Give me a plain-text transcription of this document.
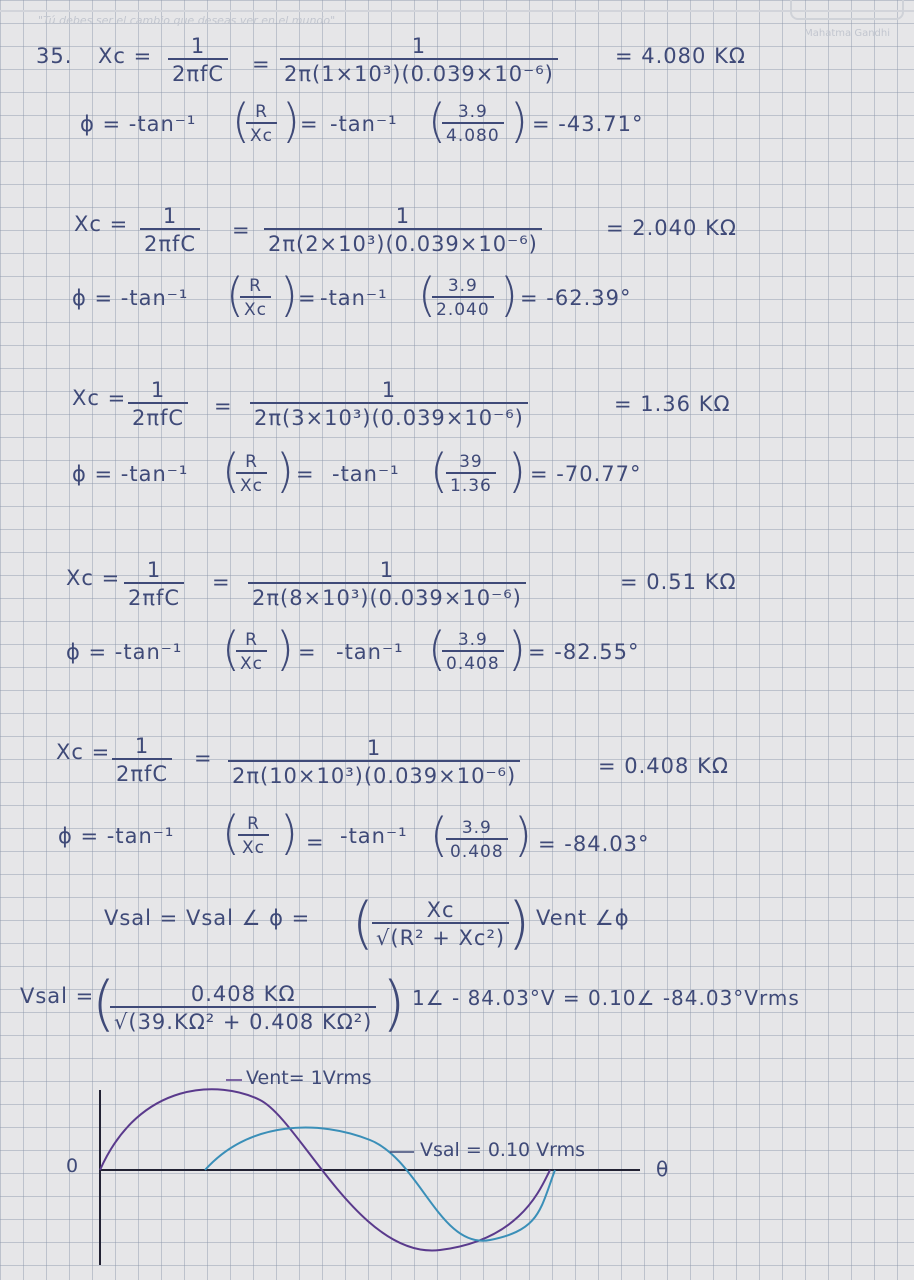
"Tú debes ser el cambio que deseas ver en el mundo"
Mahatma Gandhi
35. Xc = 1
$2\pi fC = \frac{1}{\text{2π(1×10³)(0.039×10⁻⁶)}}$	= 4.080 KΩ
ϕ = -tan⁻¹ (
$\frac{R}{Xc}$ ) = -tan⁻¹ (
$\frac{3.9}{4.080}$ ) = -43.71°
Xc = 1
2πfC
= $\frac{1}{\text{2π(2×10³)(0.039×10⁻⁶)}}$	= 2.040 KΩ
ϕ = -tan⁻¹ (
$\frac{R}{Xc}$ ) = -tan⁻¹ (
$\frac{3.9}{2.040}$ ) = -62.39°
Xc = 1
$2\pi fC = \frac{1}{\text{2π(3×10³)(0.039×10⁻⁶)}}$	= 1.36 KΩ
ϕ = -tan⁻¹ (
$\frac{R}{Xc}$ ) = -tan⁻¹ (
$\frac{39}{1.36}$ ) = -70.77°
Xc = 1
2πfC
= $\frac{1}{\text{2π(8×10³)(0.039×10⁻⁶)}}$	= 0.51 KΩ
ϕ = -tan⁻¹ (
$\frac{R}{Xc}$ ) = -tan⁻¹ (
$\frac{3.9}{0.408}$ ) = -82.55°
Xc = 1
2πfC
= $\frac{1}{\text{2π(10×10³)(0.039×10⁻⁶)}}$	= 0.408 KΩ
ϕ = -tan⁻¹ (
$\frac{R}{Xc}$ ) = -tan⁻¹ (
$\frac{3.9}{0.408}$ ) = -84.03°
Vsal = Vsal ∠ ϕ = (
$\frac{Xc}{\text{√(R² + Xc²)}}$
) Vent ∠ϕ
Vsal =
(
$\frac{0.408 K\Omega}{\text{√(39.KΩ² + 0.408 KΩ²)}}$ ) 1∠ - 84.03°V = 0.10∠ -84.03°Vrms
Vent= 1Vrms
Vsal = 0.10 Vrms
0	θ
